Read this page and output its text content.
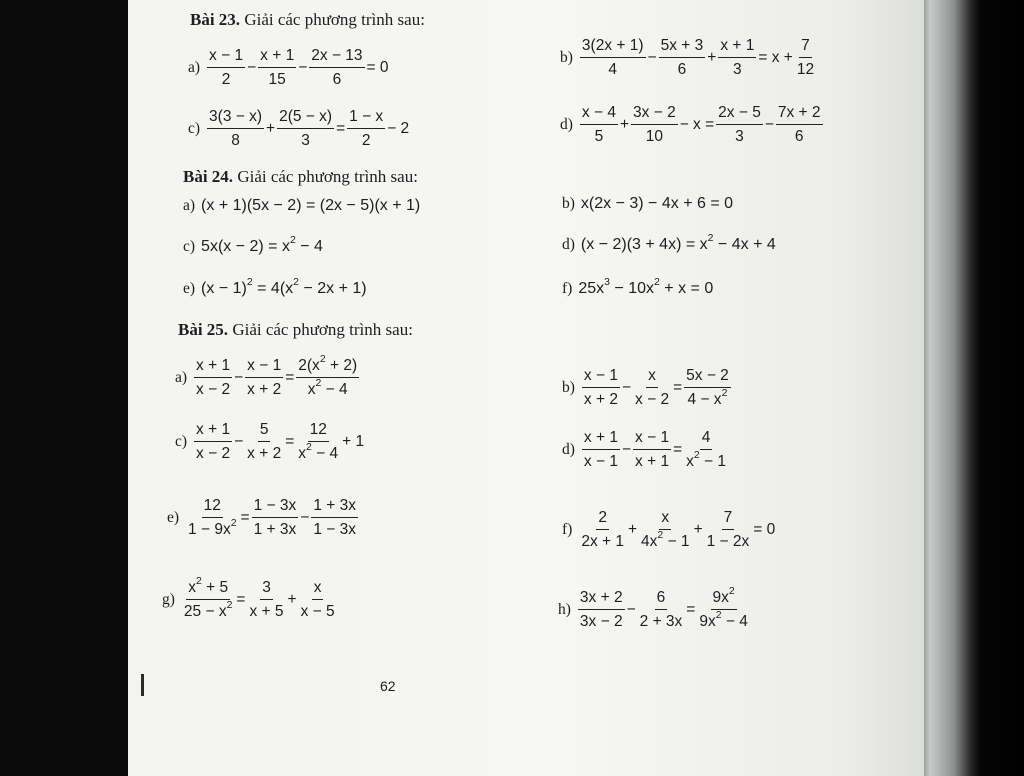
Bài 23. Giải các phương trình sau:
$a) \frac{x - 1}{2} - \frac{x + 1}{15} - \frac{2x - 13}{6} = 0$
$b) \frac{3(2x + 1)}{4} - \frac{5x + 3}{6} + \frac{x + 1}{3} = x + \frac{7}{12}$
$c) \frac{3(3 - x)}{8} + \frac{2(5 - x)}{3} = \frac{1 - x}{2} - 2$	$d) \frac{x - 4}{5} + \frac{3x - 2}{10} - x = \frac{2x - 5}{3} - \frac{7x + 2}{6}$
Bài 24. Giải các phương trình sau:
a) (x + 1)(5x − 2) = (2x − 5)(x + 1)	b) x(2x − 3) − 4x + 6 = 0
c) $5x(x - 2) = x^2 - 4$	d) $(x - 2)(3 + 4x) = x^2 - 4x + 4$
e) $(x - 1)^2 = 4(x^2 - 2x + 1)$	f) $25x^3 - 10x^2 + x = 0$
Bài 25. Giải các phương trình sau:
$a) \frac{x + 1}{x - 2} - \frac{x - 1}{x + 2} = \frac{2(x^2 + 2)}{x^2 - 4}$	$b) \frac{x - 1}{x + 2} - \frac{x}{x - 2} = \frac{5x - 2}{4 - x^2}$
$c) \frac{x + 1}{x - 2} - \frac{5}{x + 2} = \frac{12}{x^2 - 4} + 1$	$d) \frac{x + 1}{x - 1} - \frac{x - 1}{x + 1} = \frac{4}{x^2 - 1}$
$e) \frac{12}{1 - 9x^2} = \frac{1 - 3x}{1 + 3x} - \frac{1 + 3x}{1 - 3x}$	$f) \frac{2}{2x + 1} + \frac{x}{4x^2 - 1} + \frac{7}{1 - 2x} = 0$
$g) \frac{x^2 + 5}{25 - x^2} = \frac{3}{x + 5} + \frac{x}{x - 5}$	$h) \frac{3x + 2}{3x - 2} - \frac{6}{2 + 3x} = \frac{9x^2}{9x^2 - 4}$
62
